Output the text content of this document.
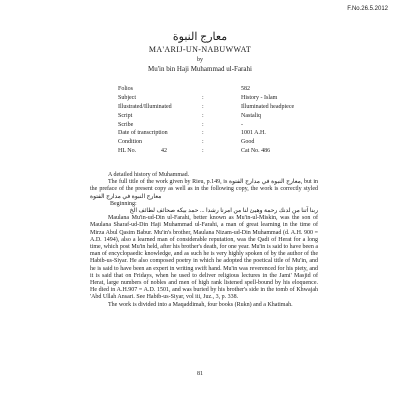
F.No.26.5.2012
معارج النبوة
MA'ARIJ-UN-NABUWWAT
by
Mu'in bin Haji Muhammad ul-Farahi
Folios	582
Subject	:	History - Islam
Illustrated/Illuminated	:	Illuminated headpiece
Script	:	Nastaliq
Scribe	:	-
Date of transcription	:	1001 A.H.
Condition	:	Good
HL No.	42	:	Cat No. 486

A detailed history of Muhammad.

The full title of the work given by Rieu, p.149, is معارج النبوة في مدارج الفتوة, but in the preface of the present copy as well as in the following copy, the work is correctly styled معارج النبوة في مدارج الفتوة

Beginning:

ربنا آتنا من لدنك رحمة وهيئ لنا من امرنا رشدا ... حمد بيكه صحائف لطائف الخ

Maulana Mu'in-ud-Din ul-Farahi, better known as Mu'in-ul-Miskin, was the son of Maulana Sharaf-ud-Din Haji Muhammad ul-Farahi, a man of great learning in the time of Mirza Abul Qasim Babur. Mu'in's brother, Maulana Nizam-ud-Din Muhammad (d. A.H. 900 = A.D. 1494), also a learned man of considerable reputation, was the Qadi of Herat for a long time, which post Mu'in held, after his brother's death, for one year. Mu'in is said to have been a man of encyclopaedic knowledge, and as such he is very highly spoken of by the author of the Habib-us-Siyar. He also composed poetry in which he adopted the poetical title of Mu'in, and he is said to have been an expert in writing swift hand. Mu'in was reverenced for his piety, and it is said that on Fridays, when he used to deliver religious lectures in the Jami' Masjid of Herat, large numbers of nobles and men of high rank listened spell-bound by his eloquence. He died in A.H.907 = A.D. 1501, and was buried by his brother's side in the tomb of Khwajah 'Abd Ullah Ansari. See Habib-us-Siyar, vol iii, Juz., 3, p. 338.

The work is divided into a Maqaddimah, four books (Rukn) and a Khatimah.

81
